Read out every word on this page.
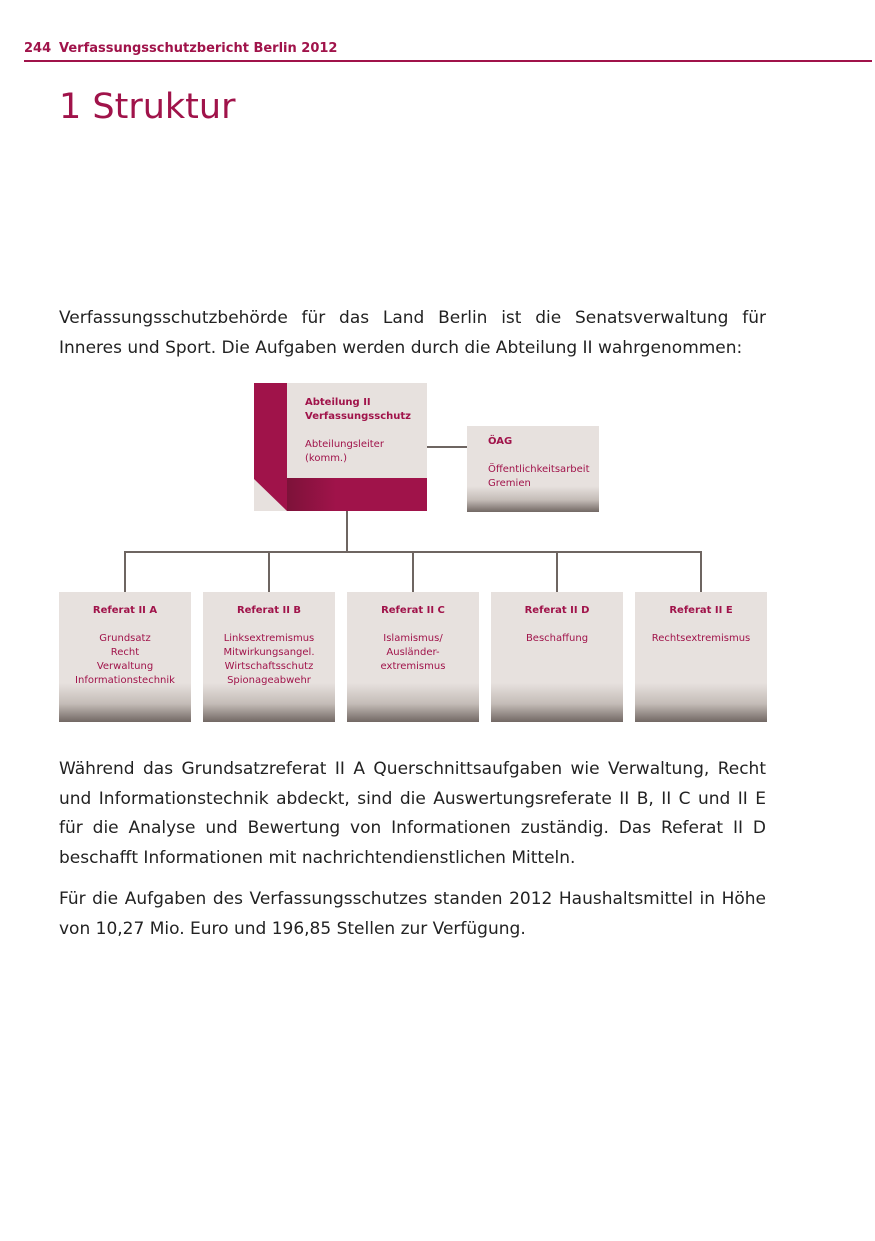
244 Verfassungsschutzbericht Berlin 2012
1 Struktur

Verfassungsschutzbehörde für das Land Berlin ist die Senatsverwaltung für Inneres und Sport. Die Aufgaben werden durch die Abteilung II wahrgenommen:

Abteilung II
Verfassungsschutz
Abteilungsleiter
(komm.)
ÖAG
Öffentlichkeitsarbeit
Gremien
Referat II A
Grundsatz
Recht
Verwaltung
Informationstechnik
Referat II B
Linksextremismus
Mitwirkungsangel.
Wirtschaftsschutz
Spionageabwehr
Referat II C
Islamismus/
Ausländer-
extremismus
Referat II D
Beschaffung
Referat II E
Rechtsextremismus

Während das Grundsatzreferat II A Querschnittsaufgaben wie Verwaltung, Recht und Informationstechnik abdeckt, sind die Auswertungsreferate II B, II C und II E für die Analyse und Bewertung von Informationen zuständig. Das Referat II D beschafft Informationen mit nachrichtendienstlichen Mitteln.

Für die Aufgaben des Verfassungsschutzes standen 2012 Haushaltsmittel in Höhe von 10,27 Mio. Euro und 196,85 Stellen zur Verfügung.
